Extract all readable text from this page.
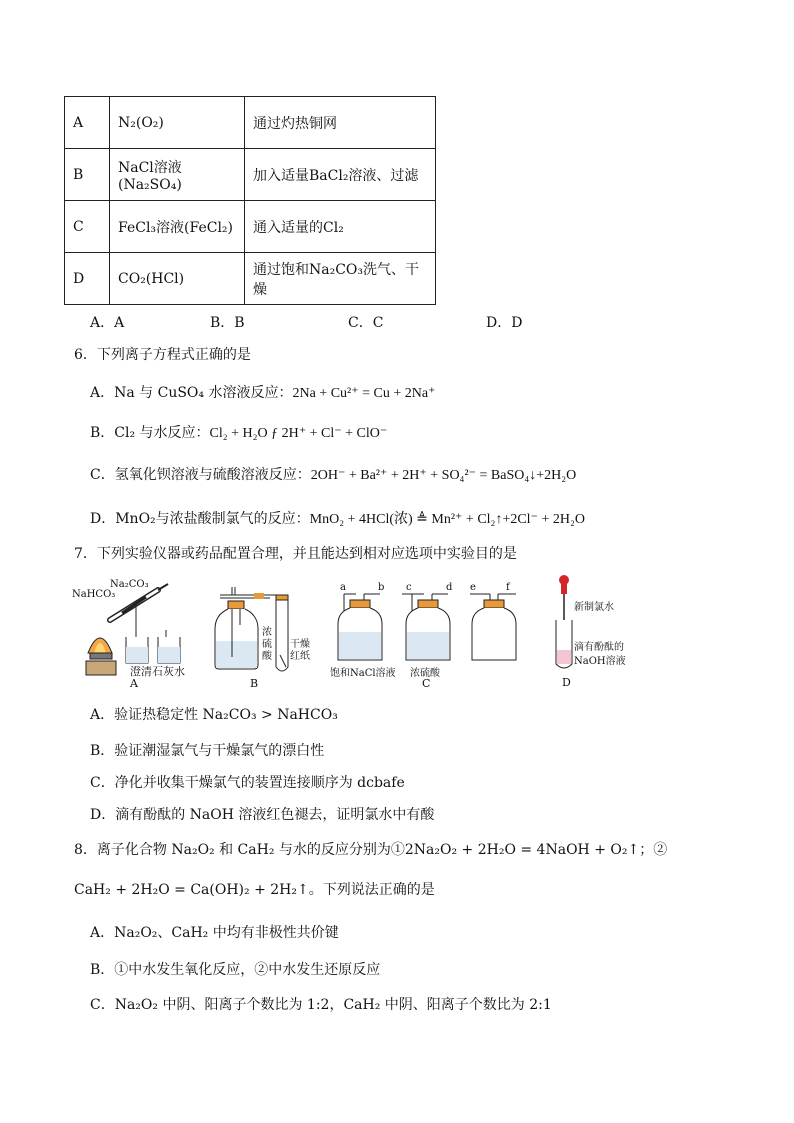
A	N₂(O₂)	通过灼热铜网
B	NaCl溶液(Na₂SO₄)	加入适量BaCl₂溶液、过滤
C	FeCl₃溶液(FeCl₂)	通入适量的Cl₂
D	CO₂(HCl)	通过饱和Na₂CO₃洗气、干燥
A．A	B．B	C．C	D．D
6．下列离子方程式正确的是
A．Na 与 CuSO₄ 水溶液反应：2Na + Cu²⁺ = Cu + 2Na⁺
B．Cl₂ 与水反应：Cl₂ + H₂O ƒ 2H⁺ + Cl⁻ + ClO⁻
C．氢氧化钡溶液与硫酸溶液反应：2OH⁻ + Ba²⁺ + 2H⁺ + SO₄²⁻ = BaSO₄↓+2H₂O
D．MnO₂与浓盐酸制氯气的反应：MnO₂ + 4HCl(浓) ≜ Mn²⁺ + Cl₂↑+2Cl⁻ + 2H₂O
7．下列实验仪器或药品配置合理，并且能达到相对应选项中实验目的是
NaHCO₃
Na₂CO₃
澄清石灰水
A
浓
硫
酸
干燥
红纸
B
a	b c	d e	f
饱和NaCl溶液 浓硫酸
C
新制氯水
滴有酚酞的
NaOH溶液
D
A．验证热稳定性 Na₂CO₃ > NaHCO₃
B．验证潮湿氯气与干燥氯气的漂白性
C．净化并收集干燥氯气的装置连接顺序为 dcbafe
D．滴有酚酞的 NaOH 溶液红色褪去，证明氯水中有酸
8．离子化合物 Na₂O₂ 和 CaH₂ 与水的反应分别为①2Na₂O₂ + 2H₂O = 4NaOH + O₂↑；②
CaH₂ + 2H₂O = Ca(OH)₂ + 2H₂↑。下列说法正确的是
A．Na₂O₂、CaH₂ 中均有非极性共价键
B．①中水发生氧化反应，②中水发生还原反应
C．Na₂O₂ 中阴、阳离子个数比为 1:2，CaH₂ 中阴、阳离子个数比为 2:1
